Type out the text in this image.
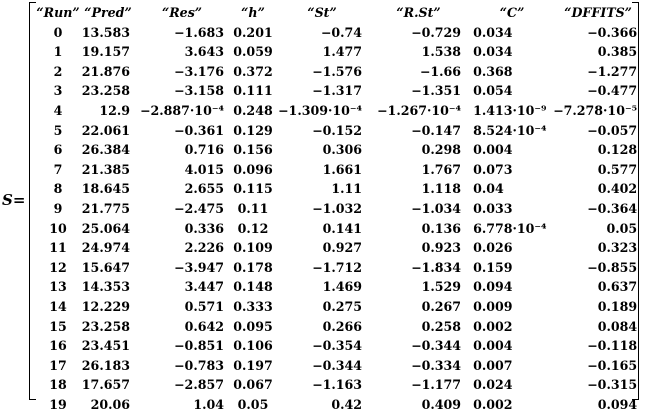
S=
“Run”	“Pred”	“Res”	“h”	“St”	“R.St”	“C”	“DFFITS”
0	13.583	−1.683	0.201	−0.74	−0.729	0.034	−0.366
1	19.157	3.643	0.059	1.477	1.538	0.034	0.385
2	21.876	−3.176	0.372	−1.576	−1.66	0.368	−1.277
3	23.258	−3.158	0.111	−1.317	−1.351	0.054	−0.477
4	12.9	−2.887·10⁻⁴	0.248	−1.309·10⁻⁴	−1.267·10⁻⁴	1.413·10⁻⁹	−7.278·10⁻⁵
5	22.061	−0.361	0.129	−0.152	−0.147	8.524·10⁻⁴	−0.057
6	26.384	0.716	0.156	0.306	0.298	0.004	0.128
7	21.385	4.015	0.096	1.661	1.767	0.073	0.577
8	18.645	2.655	0.115	1.11	1.118	0.04	0.402
9	21.775	−2.475	0.11	−1.032	−1.034	0.033	−0.364
10	25.064	0.336	0.12	0.141	0.136	6.778·10⁻⁴	0.05
11	24.974	2.226	0.109	0.927	0.923	0.026	0.323
12	15.647	−3.947	0.178	−1.712	−1.834	0.159	−0.855
13	14.353	3.447	0.148	1.469	1.529	0.094	0.637
14	12.229	0.571	0.333	0.275	0.267	0.009	0.189
15	23.258	0.642	0.095	0.266	0.258	0.002	0.084
16	23.451	−0.851	0.106	−0.354	−0.344	0.004	−0.118
17	26.183	−0.783	0.197	−0.344	−0.334	0.007	−0.165
18	17.657	−2.857	0.067	−1.163	−1.177	0.024	−0.315
19	20.06	1.04	0.05	0.42	0.409	0.002	0.094
